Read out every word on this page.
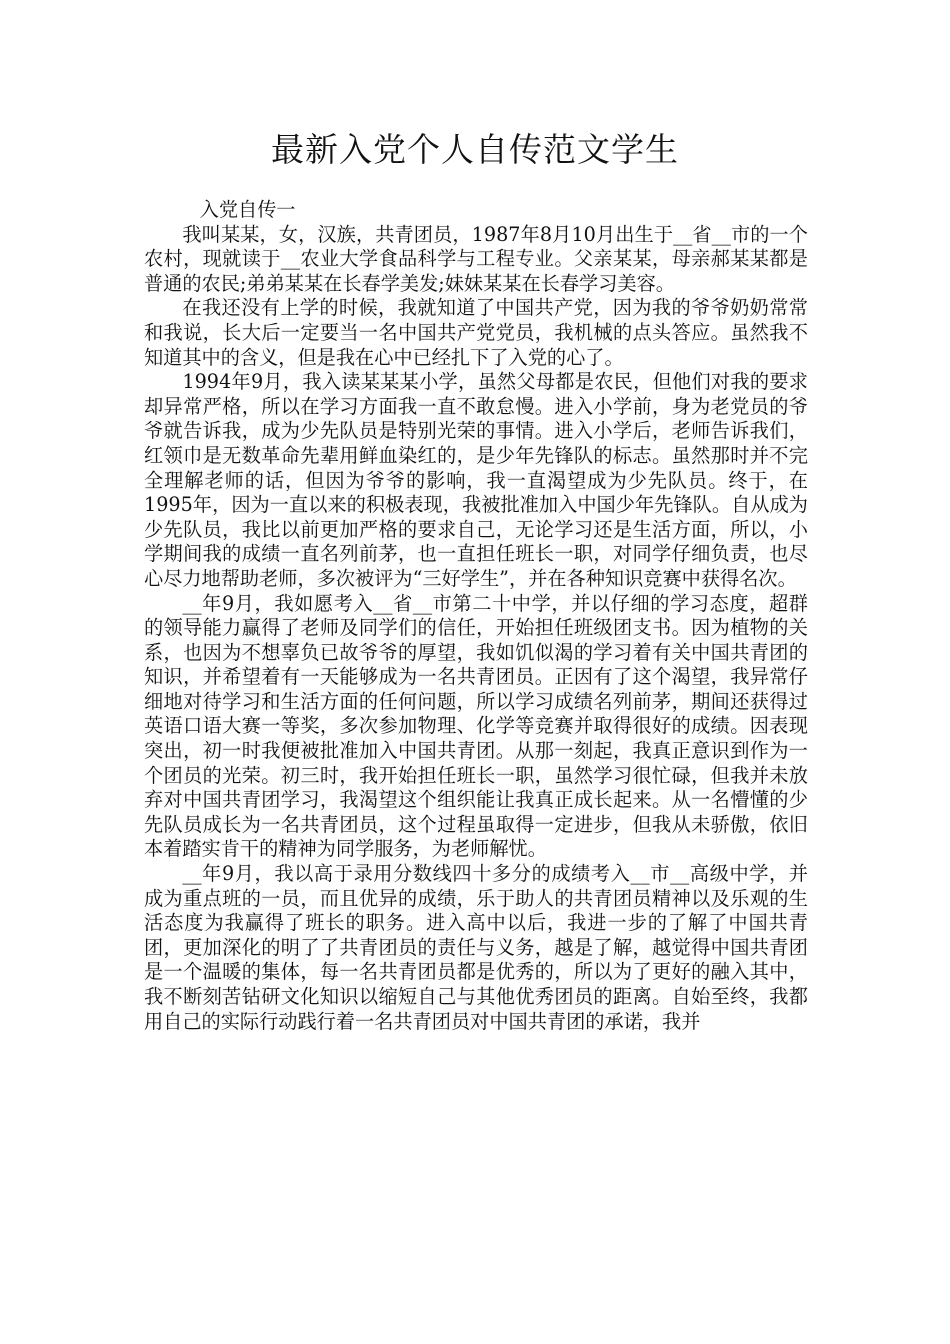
最新入党个人自传范文学生

入党自传一

我叫某某，女，汉族，共青团员，1987年8月10月出生于__省__市的一个农村，现就读于__农业大学食品科学与工程专业。父亲某某，母亲郝某某都是普通的农民;弟弟某某在长春学美发;妹妹某某在长春学习美容。

在我还没有上学的时候，我就知道了中国共产党，因为我的爷爷奶奶常常和我说，长大后一定要当一名中国共产党党员，我机械的点头答应。虽然我不知道其中的含义，但是我在心中已经扎下了入党的心了。

1994年9月，我入读某某某小学，虽然父母都是农民，但他们对我的要求却异常严格，所以在学习方面我一直不敢怠慢。进入小学前，身为老党员的爷爷就告诉我，成为少先队员是特别光荣的事情。进入小学后，老师告诉我们，红领巾是无数革命先辈用鲜血染红的，是少年先锋队的标志。虽然那时并不完全理解老师的话，但因为爷爷的影响，我一直渴望成为少先队员。终于，在1995年，因为一直以来的积极表现，我被批准加入中国少年先锋队。自从成为少先队员，我比以前更加严格的要求自己，无论学习还是生活方面，所以，小学期间我的成绩一直名列前茅，也一直担任班长一职，对同学仔细负责，也尽心尽力地帮助老师，多次被评为“三好学生”，并在各种知识竞赛中获得名次。

__年9月，我如愿考入__省__市第二十中学，并以仔细的学习态度，超群的领导能力赢得了老师及同学们的信任，开始担任班级团支书。因为植物的关系，也因为不想辜负已故爷爷的厚望，我如饥似渴的学习着有关中国共青团的知识，并希望着有一天能够成为一名共青团员。正因有了这个渴望，我异常仔细地对待学习和生活方面的任何问题，所以学习成绩名列前茅，期间还获得过英语口语大赛一等奖，多次参加物理、化学等竞赛并取得很好的成绩。因表现突出，初一时我便被批准加入中国共青团。从那一刻起，我真正意识到作为一个团员的光荣。初三时，我开始担任班长一职，虽然学习很忙碌，但我并未放弃对中国共青团学习，我渴望这个组织能让我真正成长起来。从一名懵懂的少先队员成长为一名共青团员，这个过程虽取得一定进步，但我从未骄傲，依旧本着踏实肯干的精神为同学服务，为老师解忧。

__年9月，我以高于录用分数线四十多分的成绩考入__市__高级中学，并成为重点班的一员，而且优异的成绩，乐于助人的共青团员精神以及乐观的生活态度为我赢得了班长的职务。进入高中以后，我进一步的了解了中国共青团，更加深化的明了了共青团员的责任与义务，越是了解，越觉得中国共青团是一个温暖的集体，每一名共青团员都是优秀的，所以为了更好的融入其中，我不断刻苦钻研文化知识以缩短自己与其他优秀团员的距离。自始至终，我都用自己的实际行动践行着一名共青团员对中国共青团的承诺，我并
